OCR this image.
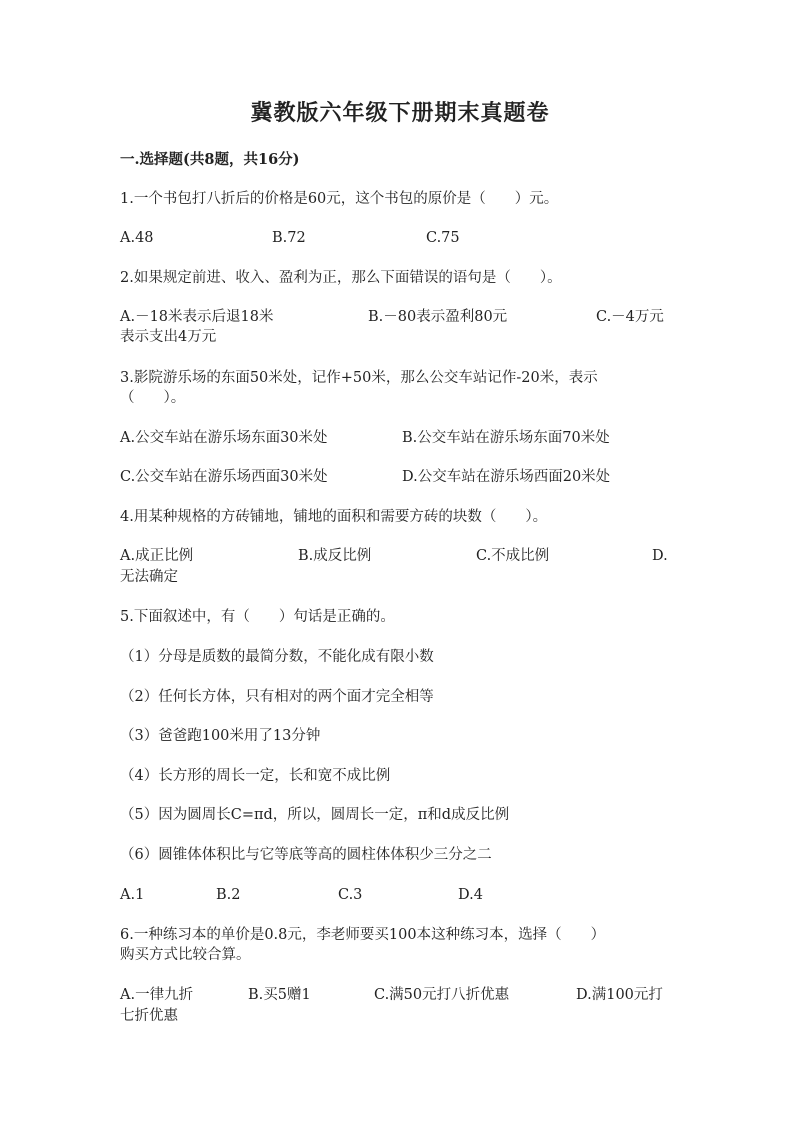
冀教版六年级下册期末真题卷
一.选择题(共8题，共16分)
1.一个书包打八折后的价格是60元，这个书包的原价是（　　）元。
A.48	B.72	C.75
2.如果规定前进、收入、盈利为正，那么下面错误的语句是（　　）。
A.－18米表示后退18米	B.－80表示盈利80元	C.－4万元
表示支出4万元
3.影院游乐场的东面50米处，记作+50米，那么公交车站记作-20米，表示
（　　）。
A.公交车站在游乐场东面30米处	B.公交车站在游乐场东面70米处
C.公交车站在游乐场西面30米处	D.公交车站在游乐场西面20米处
4.用某种规格的方砖铺地，铺地的面积和需要方砖的块数（　　）。
A.成正比例	B.成反比例	C.不成比例	D.
无法确定
5.下面叙述中，有（　　）句话是正确的。
（1）分母是质数的最简分数，不能化成有限小数
（2）任何长方体，只有相对的两个面才完全相等
（3）爸爸跑100米用了13分钟
（4）长方形的周长一定，长和宽不成比例
（5）因为圆周长C=πd，所以，圆周长一定，π和d成反比例
（6）圆锥体体积比与它等底等高的圆柱体体积少三分之二
A.1	B.2	C.3	D.4
6.一种练习本的单价是0.8元，李老师要买100本这种练习本，选择（　　）
购买方式比较合算。
A.一律九折	B.买5赠1	C.满50元打八折优惠	D.满100元打
七折优惠
